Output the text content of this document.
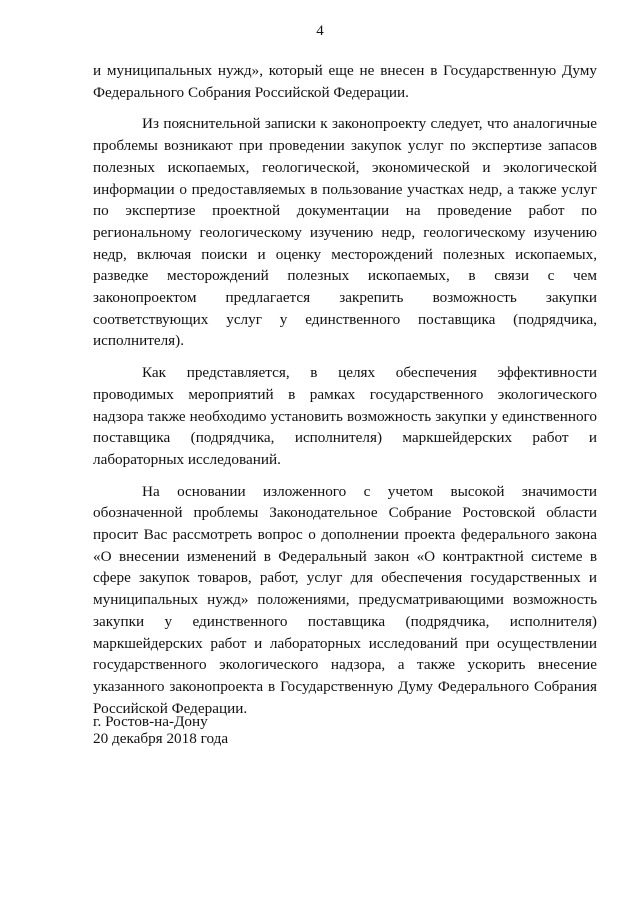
4

и муниципальных нужд», который еще не внесен в Государственную Думу Федерального Собрания Российской Федерации.

Из пояснительной записки к законопроекту следует, что аналогичные проблемы возникают при проведении закупок услуг по экспертизе запасов полезных ископаемых, геологической, экономической и экологической информации о предоставляемых в пользование участках недр, а также услуг по экспертизе проектной документации на проведение работ по региональному геологическому изучению недр, геологическому изучению недр, включая поиски и оценку месторождений полезных ископаемых, разведке месторождений полезных ископаемых, в связи с чем законопроектом предлагается закрепить возможность закупки соответствующих услуг у единственного поставщика (подрядчика, исполнителя).

Как представляется, в целях обеспечения эффективности проводимых мероприятий в рамках государственного экологического надзора также необходимо установить возможность закупки у единственного поставщика (подрядчика, исполнителя) маркшейдерских работ и лабораторных исследований.

На основании изложенного с учетом высокой значимости обозначенной проблемы Законодательное Собрание Ростовской области просит Вас рассмотреть вопрос о дополнении проекта федерального закона «О внесении изменений в Федеральный закон «О контрактной системе в сфере закупок товаров, работ, услуг для обеспечения государственных и муниципальных нужд» положениями, предусматривающими возможность закупки у единственного поставщика (подрядчика, исполнителя) маркшейдерских работ и лабораторных исследований при осуществлении государственного экологического надзора, а также ускорить внесение указанного законопроекта в Государственную Думу Федерального Собрания Российской Федерации.

г. Ростов-на-Дону
20 декабря 2018 года
